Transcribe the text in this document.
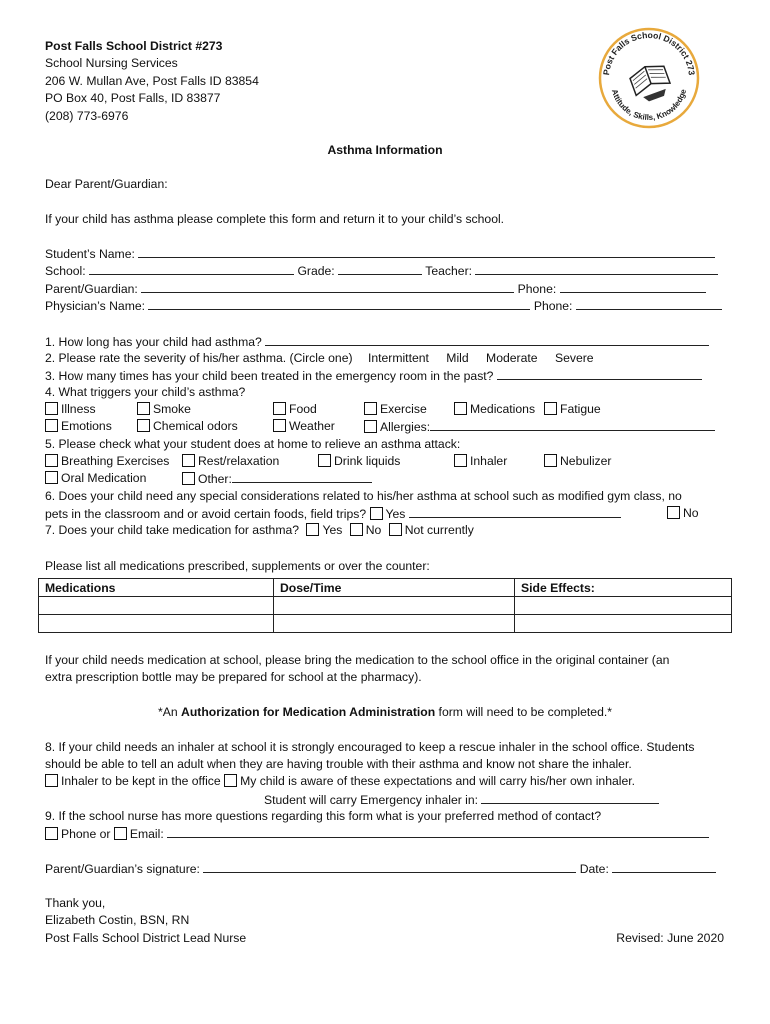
Post Falls School District #273
School Nursing Services
206 W. Mullan Ave, Post Falls ID 83854
PO Box 40, Post Falls, ID 83877
(208) 773-6976
Post Falls School District 273
Attitude, Skills, Knowledge
Asthma Information
Dear Parent/Guardian:
If your child has asthma please complete this form and return it to your child’s school.
Student’s Name:
School:	Grade:	Teacher:
Parent/Guardian:	Phone:
Physician’s Name:	Phone:
1. How long has your child had asthma?
2. Please rate the severity of his/her asthma. (Circle one) Intermittent Mild Moderate Severe
3. How many times has your child been treated in the emergency room in the past?
4. What triggers your child’s asthma?
Illness	Smoke	Food	Exercise	Medications	Fatigue
Emotions	Chemical odors	Weather	Allergies:
5. Please check what your student does at home to relieve an asthma attack:
Breathing Exercises	Rest/relaxation	Drink liquids	Inhaler	Nebulizer
Oral Medication	Other:
6. Does your child need any special considerations related to his/her asthma at school such as modified gym class, no
pets in the classroom and or avoid certain foods, field trips? Yes	No
7. Does your child take medication for asthma? Yes No Not currently
Please list all medications prescribed, supplements or over the counter:
Medications	Dose/Time	Side Effects:

If your child needs medication at school, please bring the medication to the school office in the original container (an
extra prescription bottle may be prepared for school at the pharmacy).
*An Authorization for Medication Administration form will need to be completed.*
8. If your child needs an inhaler at school it is strongly encouraged to keep a rescue inhaler in the school office. Students
should be able to tell an adult when they are having trouble with their asthma and know not share the inhaler.
Inhaler to be kept in the office My child is aware of these expectations and will carry his/her own inhaler.
Student will carry Emergency inhaler in:
9. If the school nurse has more questions regarding this form what is your preferred method of contact?
Phone or Email:
Parent/Guardian’s signature:	Date:
Thank you,
Elizabeth Costin, BSN, RN
Post Falls School District Lead Nurse	Revised: June 2020
